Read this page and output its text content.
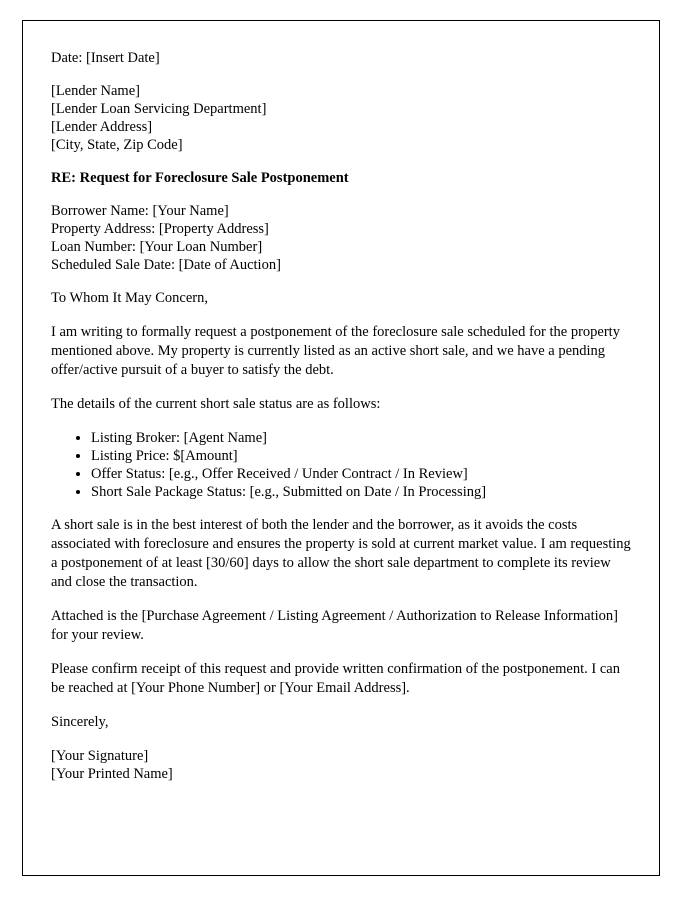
Date: [Insert Date]

[Lender Name]

[Lender Loan Servicing Department]

[Lender Address]

[City, State, Zip Code]

RE: Request for Foreclosure Sale Postponement

Borrower Name: [Your Name]

Property Address: [Property Address]

Loan Number: [Your Loan Number]

Scheduled Sale Date: [Date of Auction]

To Whom It May Concern,

I am writing to formally request a postponement of the foreclosure sale scheduled for the property mentioned above. My property is currently listed as an active short sale, and we have a pending offer/active pursuit of a buyer to satisfy the debt.

The details of the current short sale status are as follows:

• Listing Broker: [Agent Name]
• Listing Price: $[Amount]
• Offer Status: [e.g., Offer Received / Under Contract / In Review]
• Short Sale Package Status: [e.g., Submitted on Date / In Processing]

A short sale is in the best interest of both the lender and the borrower, as it avoids the costs associated with foreclosure and ensures the property is sold at current market value. I am requesting a postponement of at least [30/60] days to allow the short sale department to complete its review and close the transaction.

Attached is the [Purchase Agreement / Listing Agreement / Authorization to Release Information] for your review.

Please confirm receipt of this request and provide written confirmation of the postponement. I can be reached at [Your Phone Number] or [Your Email Address].

Sincerely,

[Your Signature]

[Your Printed Name]
